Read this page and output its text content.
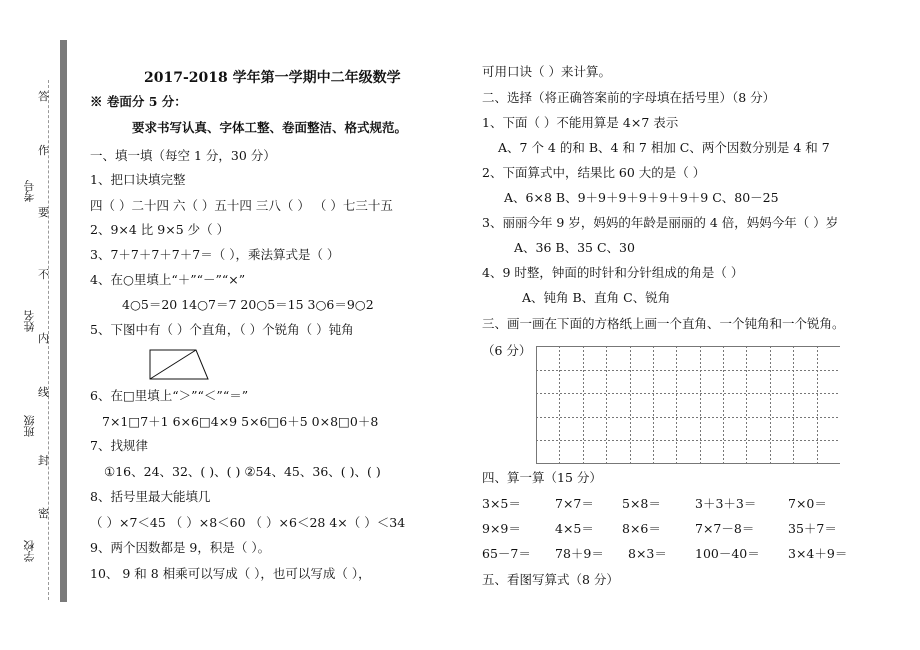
答
作
要
不
内
线
封
密
考号
姓名
班级
学校
2017-2018 学年第一学期中二年级数学
※ 卷面分 5 分：
要求书写认真、字体工整、卷面整洁、格式规范。
一、填一填（每空 1 分，30 分）
1、把口诀填完整
四（ ）二十四 六（ ）五十四 三八（ ） （ ）七三十五
2、9×4 比 9×5 少（ ）
3、7＋7＋7＋7＋7＝（ ），乘法算式是（ ）
4、在○里填上“＋”“－”“×”
4○5＝20 14○7＝7 20○5＝15 3○6＝9○2
5、下图中有（ ）个直角，（ ）个锐角（ ）钝角
6、在□里填上“＞”“＜”“＝”
7×1□7＋1 6×6□4×9 5×6□6＋5 0×8□0＋8
7、找规律
①16、24、32、( )、( ) ②54、45、36、( )、( )
8、括号里最大能填几
（ ）×7＜45 （ ）×8＜60 （ ）×6＜28 4×（ ）＜34
9、两个因数都是 9，积是（ ）。
10、 9 和 8 相乘可以写成（ ），也可以写成（ ），
可用口诀（ ）来计算。
二、选择（将正确答案前的字母填在括号里）（8 分）
1、下面（ ）不能用算是 4×7 表示
A、7 个 4 的和 B、4 和 7 相加 C、两个因数分别是 4 和 7
2、下面算式中，结果比 60 大的是（ ）
A、6×8 B、9＋9＋9＋9＋9＋9＋9 C、80－25
3、丽丽今年 9 岁，妈妈的年龄是丽丽的 4 倍，妈妈今年（ ）岁
A、36 B、35 C、30
4、9 时整，钟面的时针和分针组成的角是（ ）
A、钝角 B、直角 C、锐角
三、画一画在下面的方格纸上画一个直角、一个钝角和一个锐角。
（6 分）
四、算一算（15 分）
3×5＝	7×7＝ 5×8＝	3＋3＋3＝	7×0＝
9×9＝	4×5＝ 8×6＝	7×7－8＝	35＋7＝
65－7＝ 78＋9＝ 8×3＝ 100－40＝ 3×4＋9＝
五、看图写算式（8 分）
